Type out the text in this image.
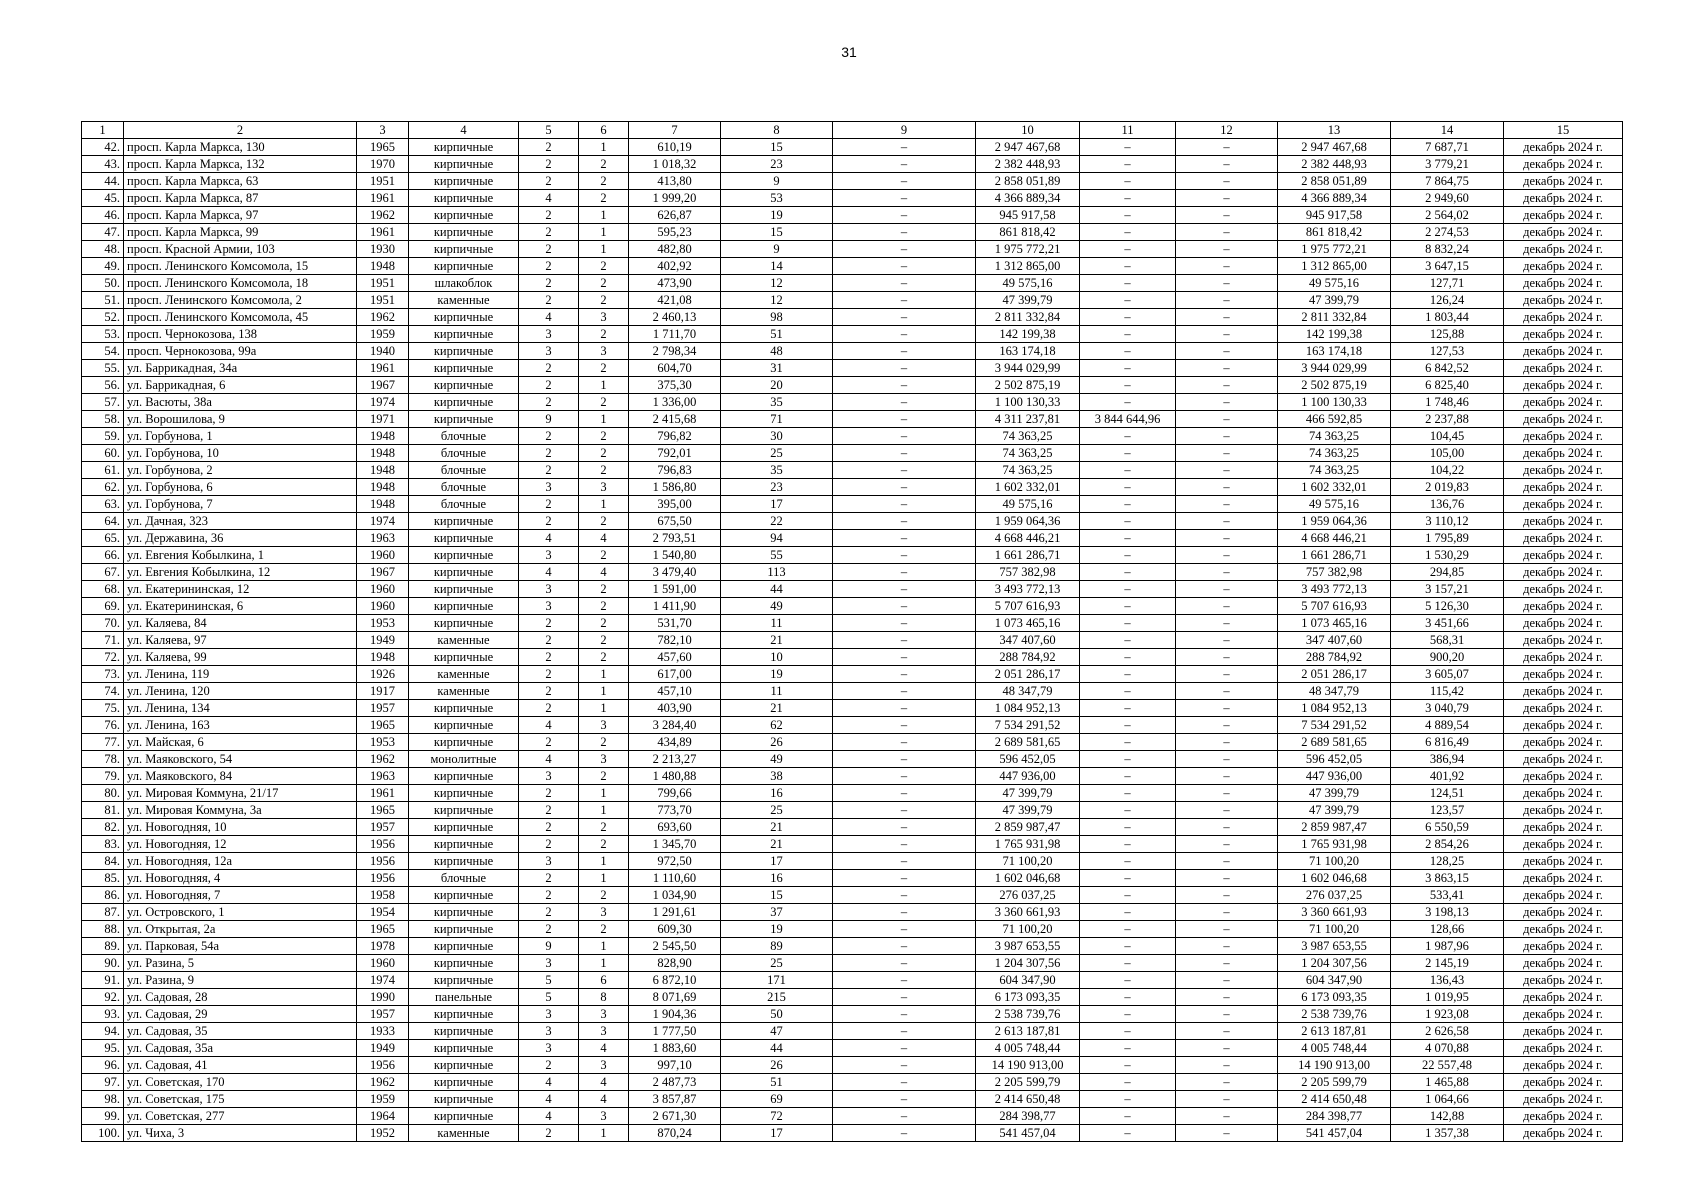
31
1	2	3	4	5	6	7	8	9	10	11	12	13	14	15
42.	просп. Карла Маркса, 130	1965	кирпичные	2	1	610,19	15	–	2 947 467,68	–	–	2 947 467,68	7 687,71	декабрь 2024 г.
43.	просп. Карла Маркса, 132	1970	кирпичные	2	2	1 018,32	23	–	2 382 448,93	–	–	2 382 448,93	3 779,21	декабрь 2024 г.
44.	просп. Карла Маркса, 63	1951	кирпичные	2	2	413,80	9	–	2 858 051,89	–	–	2 858 051,89	7 864,75	декабрь 2024 г.
45.	просп. Карла Маркса, 87	1961	кирпичные	4	2	1 999,20	53	–	4 366 889,34	–	–	4 366 889,34	2 949,60	декабрь 2024 г.
46.	просп. Карла Маркса, 97	1962	кирпичные	2	1	626,87	19	–	945 917,58	–	–	945 917,58	2 564,02	декабрь 2024 г.
47.	просп. Карла Маркса, 99	1961	кирпичные	2	1	595,23	15	–	861 818,42	–	–	861 818,42	2 274,53	декабрь 2024 г.
48.	просп. Красной Армии, 103	1930	кирпичные	2	1	482,80	9	–	1 975 772,21	–	–	1 975 772,21	8 832,24	декабрь 2024 г.
49.	просп. Ленинского Комсомола, 15	1948	кирпичные	2	2	402,92	14	–	1 312 865,00	–	–	1 312 865,00	3 647,15	декабрь 2024 г.
50.	просп. Ленинского Комсомола, 18	1951	шлакоблок	2	2	473,90	12	–	49 575,16	–	–	49 575,16	127,71	декабрь 2024 г.
51.	просп. Ленинского Комсомола, 2	1951	каменные	2	2	421,08	12	–	47 399,79	–	–	47 399,79	126,24	декабрь 2024 г.
52.	просп. Ленинского Комсомола, 45	1962	кирпичные	4	3	2 460,13	98	–	2 811 332,84	–	–	2 811 332,84	1 803,44	декабрь 2024 г.
53.	просп. Чернокозова, 138	1959	кирпичные	3	2	1 711,70	51	–	142 199,38	–	–	142 199,38	125,88	декабрь 2024 г.
54.	просп. Чернокозова, 99а	1940	кирпичные	3	3	2 798,34	48	–	163 174,18	–	–	163 174,18	127,53	декабрь 2024 г.
55.	ул. Баррикадная, 34а	1961	кирпичные	2	2	604,70	31	–	3 944 029,99	–	–	3 944 029,99	6 842,52	декабрь 2024 г.
56.	ул. Баррикадная, 6	1967	кирпичные	2	1	375,30	20	–	2 502 875,19	–	–	2 502 875,19	6 825,40	декабрь 2024 г.
57.	ул. Васюты, 38а	1974	кирпичные	2	2	1 336,00	35	–	1 100 130,33	–	–	1 100 130,33	1 748,46	декабрь 2024 г.
58.	ул. Ворошилова, 9	1971	кирпичные	9	1	2 415,68	71	–	4 311 237,81	3 844 644,96	–	466 592,85	2 237,88	декабрь 2024 г.
59.	ул. Горбунова, 1	1948	блочные	2	2	796,82	30	–	74 363,25	–	–	74 363,25	104,45	декабрь 2024 г.
60.	ул. Горбунова, 10	1948	блочные	2	2	792,01	25	–	74 363,25	–	–	74 363,25	105,00	декабрь 2024 г.
61.	ул. Горбунова, 2	1948	блочные	2	2	796,83	35	–	74 363,25	–	–	74 363,25	104,22	декабрь 2024 г.
62.	ул. Горбунова, 6	1948	блочные	3	3	1 586,80	23	–	1 602 332,01	–	–	1 602 332,01	2 019,83	декабрь 2024 г.
63.	ул. Горбунова, 7	1948	блочные	2	1	395,00	17	–	49 575,16	–	–	49 575,16	136,76	декабрь 2024 г.
64.	ул. Дачная, 323	1974	кирпичные	2	2	675,50	22	–	1 959 064,36	–	–	1 959 064,36	3 110,12	декабрь 2024 г.
65.	ул. Державина, 36	1963	кирпичные	4	4	2 793,51	94	–	4 668 446,21	–	–	4 668 446,21	1 795,89	декабрь 2024 г.
66.	ул. Евгения Кобылкина, 1	1960	кирпичные	3	2	1 540,80	55	–	1 661 286,71	–	–	1 661 286,71	1 530,29	декабрь 2024 г.
67.	ул. Евгения Кобылкина, 12	1967	кирпичные	4	4	3 479,40	113	–	757 382,98	–	–	757 382,98	294,85	декабрь 2024 г.
68.	ул. Екатерининская, 12	1960	кирпичные	3	2	1 591,00	44	–	3 493 772,13	–	–	3 493 772,13	3 157,21	декабрь 2024 г.
69.	ул. Екатерининская, 6	1960	кирпичные	3	2	1 411,90	49	–	5 707 616,93	–	–	5 707 616,93	5 126,30	декабрь 2024 г.
70.	ул. Каляева, 84	1953	кирпичные	2	2	531,70	11	–	1 073 465,16	–	–	1 073 465,16	3 451,66	декабрь 2024 г.
71.	ул. Каляева, 97	1949	каменные	2	2	782,10	21	–	347 407,60	–	–	347 407,60	568,31	декабрь 2024 г.
72.	ул. Каляева, 99	1948	кирпичные	2	2	457,60	10	–	288 784,92	–	–	288 784,92	900,20	декабрь 2024 г.
73.	ул. Ленина, 119	1926	каменные	2	1	617,00	19	–	2 051 286,17	–	–	2 051 286,17	3 605,07	декабрь 2024 г.
74.	ул. Ленина, 120	1917	каменные	2	1	457,10	11	–	48 347,79	–	–	48 347,79	115,42	декабрь 2024 г.
75.	ул. Ленина, 134	1957	кирпичные	2	1	403,90	21	–	1 084 952,13	–	–	1 084 952,13	3 040,79	декабрь 2024 г.
76.	ул. Ленина, 163	1965	кирпичные	4	3	3 284,40	62	–	7 534 291,52	–	–	7 534 291,52	4 889,54	декабрь 2024 г.
77.	ул. Майская, 6	1953	кирпичные	2	2	434,89	26	–	2 689 581,65	–	–	2 689 581,65	6 816,49	декабрь 2024 г.
78.	ул. Маяковского, 54	1962	монолитные	4	3	2 213,27	49	–	596 452,05	–	–	596 452,05	386,94	декабрь 2024 г.
79.	ул. Маяковского, 84	1963	кирпичные	3	2	1 480,88	38	–	447 936,00	–	–	447 936,00	401,92	декабрь 2024 г.
80.	ул. Мировая Коммуна, 21/17	1961	кирпичные	2	1	799,66	16	–	47 399,79	–	–	47 399,79	124,51	декабрь 2024 г.
81.	ул. Мировая Коммуна, 3а	1965	кирпичные	2	1	773,70	25	–	47 399,79	–	–	47 399,79	123,57	декабрь 2024 г.
82.	ул. Новогодняя, 10	1957	кирпичные	2	2	693,60	21	–	2 859 987,47	–	–	2 859 987,47	6 550,59	декабрь 2024 г.
83.	ул. Новогодняя, 12	1956	кирпичные	2	2	1 345,70	21	–	1 765 931,98	–	–	1 765 931,98	2 854,26	декабрь 2024 г.
84.	ул. Новогодняя, 12а	1956	кирпичные	3	1	972,50	17	–	71 100,20	–	–	71 100,20	128,25	декабрь 2024 г.
85.	ул. Новогодняя, 4	1956	блочные	2	1	1 110,60	16	–	1 602 046,68	–	–	1 602 046,68	3 863,15	декабрь 2024 г.
86.	ул. Новогодняя, 7	1958	кирпичные	2	2	1 034,90	15	–	276 037,25	–	–	276 037,25	533,41	декабрь 2024 г.
87.	ул. Островского, 1	1954	кирпичные	2	3	1 291,61	37	–	3 360 661,93	–	–	3 360 661,93	3 198,13	декабрь 2024 г.
88.	ул. Открытая, 2а	1965	кирпичные	2	2	609,30	19	–	71 100,20	–	–	71 100,20	128,66	декабрь 2024 г.
89.	ул. Парковая, 54а	1978	кирпичные	9	1	2 545,50	89	–	3 987 653,55	–	–	3 987 653,55	1 987,96	декабрь 2024 г.
90.	ул. Разина, 5	1960	кирпичные	3	1	828,90	25	–	1 204 307,56	–	–	1 204 307,56	2 145,19	декабрь 2024 г.
91.	ул. Разина, 9	1974	кирпичные	5	6	6 872,10	171	–	604 347,90	–	–	604 347,90	136,43	декабрь 2024 г.
92.	ул. Садовая, 28	1990	панельные	5	8	8 071,69	215	–	6 173 093,35	–	–	6 173 093,35	1 019,95	декабрь 2024 г.
93.	ул. Садовая, 29	1957	кирпичные	3	3	1 904,36	50	–	2 538 739,76	–	–	2 538 739,76	1 923,08	декабрь 2024 г.
94.	ул. Садовая, 35	1933	кирпичные	3	3	1 777,50	47	–	2 613 187,81	–	–	2 613 187,81	2 626,58	декабрь 2024 г.
95.	ул. Садовая, 35а	1949	кирпичные	3	4	1 883,60	44	–	4 005 748,44	–	–	4 005 748,44	4 070,88	декабрь 2024 г.
96.	ул. Садовая, 41	1956	кирпичные	2	3	997,10	26	–	14 190 913,00	–	–	14 190 913,00	22 557,48	декабрь 2024 г.
97.	ул. Советская, 170	1962	кирпичные	4	4	2 487,73	51	–	2 205 599,79	–	–	2 205 599,79	1 465,88	декабрь 2024 г.
98.	ул. Советская, 175	1959	кирпичные	4	4	3 857,87	69	–	2 414 650,48	–	–	2 414 650,48	1 064,66	декабрь 2024 г.
99.	ул. Советская, 277	1964	кирпичные	4	3	2 671,30	72	–	284 398,77	–	–	284 398,77	142,88	декабрь 2024 г.
100.	ул. Чиха, 3	1952	каменные	2	1	870,24	17	–	541 457,04	–	–	541 457,04	1 357,38	декабрь 2024 г.
